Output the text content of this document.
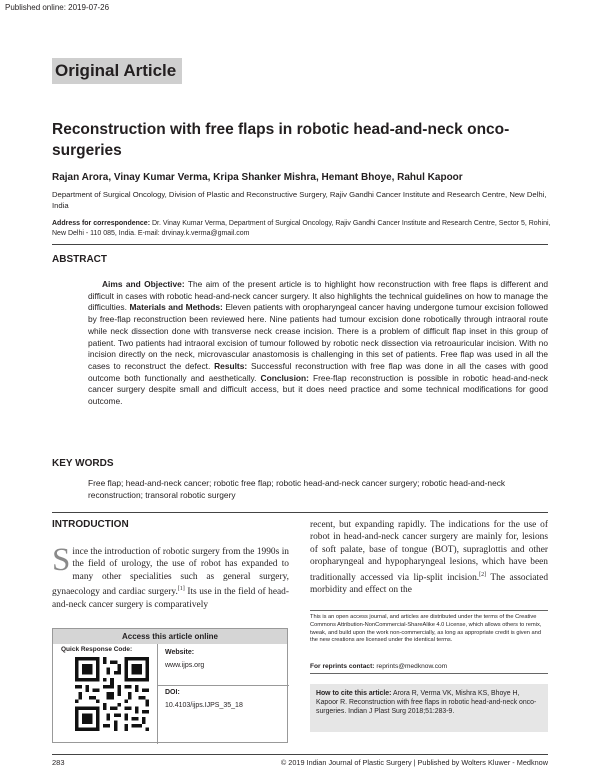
Published online: 2019-07-26
Original Article
Reconstruction with free flaps in robotic head-and-neck onco-surgeries
Rajan Arora, Vinay Kumar Verma, Kripa Shanker Mishra, Hemant Bhoye, Rahul Kapoor
Department of Surgical Oncology, Division of Plastic and Reconstructive Surgery, Rajiv Gandhi Cancer Institute and Research Centre, New Delhi, India
Address for correspondence: Dr. Vinay Kumar Verma, Department of Surgical Oncology, Rajiv Gandhi Cancer Institute and Research Centre, Sector 5, Rohini, New Delhi - 110 085, India. E-mail: drvinay.k.verma@gmail.com
ABSTRACT
Aims and Objective: The aim of the present article is to highlight how reconstruction with free flaps is different and difficult in cases with robotic head-and-neck cancer surgery. It also highlights the technical guidelines on how to manage the difficulties. Materials and Methods: Eleven patients with oropharyngeal cancer having undergone tumour excision followed by free-flap reconstruction been reviewed here. Nine patients had tumour excision done robotically through intraoral route while neck dissection done with transverse neck crease incision. There is a problem of difficult flap inset in this group of patient. Two patients had intraoral excision of tumour followed by robotic neck dissection via retroauricular incision. With no incision directly on the neck, microvascular anastomosis is challenging in this set of patients. Free flap was used in all the cases to reconstruct the defect. Results: Successful reconstruction with free flap was done in all the cases with good outcome both functionally and aesthetically. Conclusion: Free-flap reconstruction is possible in robotic head-and-neck cancer surgery despite small and difficult access, but it does need practice and some technical modifications for good outcome.
KEY WORDS
Free flap; head-and-neck cancer; robotic free flap; robotic head-and-neck cancer surgery; robotic head-and-neck reconstruction; transoral robotic surgery
INTRODUCTION
Since the introduction of robotic surgery from the 1990s in the field of urology, the use of robot has expanded to many other specialities such as general surgery, gynaecology and cardiac surgery.[1] Its use in the field of head-and-neck cancer surgery is comparatively
recent, but expanding rapidly. The indications for the use of robot in head-and-neck cancer surgery are mainly for, lesions of soft palate, base of tongue (BOT), supraglottis and other oropharyngeal and hypopharyngeal lesions, which have been traditionally accessed via lip-split incision.[2] The associated morbidity and effect on the
Access this article online
Quick Response Code:	Website:
www.ijps.org
DOI:
10.4103/ijps.IJPS_35_18
This is an open access journal, and articles are distributed under the terms of the Creative Commons Attribution-NonCommercial-ShareAlike 4.0 License, which allows others to remix, tweak, and build upon the work non-commercially, as long as appropriate credit is given and the new creations are licensed under the identical terms.
For reprints contact: reprints@medknow.com
How to cite this article: Arora R, Verma VK, Mishra KS, Bhoye H, Kapoor R. Reconstruction with free flaps in robotic head-and-neck onco-surgeries. Indian J Plast Surg 2018;51:283-9.
283	© 2019 Indian Journal of Plastic Surgery | Published by Wolters Kluwer - Medknow
